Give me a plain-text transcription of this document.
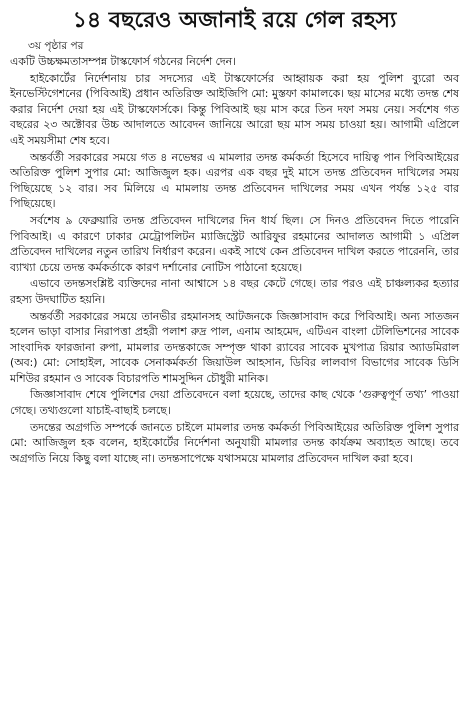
১৪ বছরেও অজানাই রয়ে গেল রহস্য
৩য় পৃষ্ঠার পর

একটি উচ্চক্ষমতাসম্পন্ন টাস্কফোর্স গঠনের নির্দেশ দেন।

হাইকোর্টের নির্দেশনায় চার সদস্যের এই টাস্কফোর্সের আহ্বায়ক করা হয় পুলিশ ব্যুরো অব ইনভেস্টিগেশনের (পিবিআই) প্রধান অতিরিক্ত আইজিপি মো: মুস্তফা কামালকে। ছয় মাসের মধ্যে তদন্ত শেষ করার নির্দেশ দেয়া হয় এই টাস্কফোর্সকে। কিন্তু পিবিআই ছয় মাস করে তিন দফা সময় নেয়। সর্বশেষ গত বছরের ২৩ অক্টোবর উচ্চ আদালতে আবেদন জানিয়ে আরো ছয় মাস সময় চাওয়া হয়। আগামী এপ্রিলে এই সময়সীমা শেষ হবে।

অন্তর্বর্তী সরকারের সময়ে গত ৪ নভেম্বর এ মামলার তদন্ত কর্মকর্তা হিসেবে দায়িত্ব পান পিবিআইয়ের অতিরিক্ত পুলিশ সুপার মো: আজিজুল হক। এরপর এক বছর দুই মাসে তদন্ত প্রতিবেদন দাখিলের সময় পিছিয়েছে ১২ বার। সব মিলিয়ে এ মামলায় তদন্ত প্রতিবেদন দাখিলের সময় এখন পর্যন্ত ১২৫ বার পিছিয়েছে।

সর্বশেষ ৯ ফেব্রুয়ারি তদন্ত প্রতিবেদন দাখিলের দিন ধার্য ছিল। সে দিনও প্রতিবেদন দিতে পারেনি পিবিআই। এ কারণে ঢাকার মেট্রোপলিটন ম্যাজিস্ট্রেট আরিফুর রহমানের আদালত আগামী ১ এপ্রিল প্রতিবেদন দাখিলের নতুন তারিখ নির্ধারণ করেন। একই সাথে কেন প্রতিবেদন দাখিল করতে পারেননি, তার ব্যাখ্যা চেয়ে তদন্ত কর্মকর্তাকে কারণ দর্শানোর নোটিস পাঠানো হয়েছে।

এভাবে তদন্তসংশ্লিষ্ট ব্যক্তিদের নানা আশ্বাসে ১৪ বছর কেটে গেছে। তার পরও এই চাঞ্চল্যকর হত্যার রহস্য উদঘাটিত হয়নি।

অন্তর্বর্তী সরকারের সময়ে তানভীর রহমানসহ আটজনকে জিজ্ঞাসাবাদ করে পিবিআই। অন্য সাতজন হলেন ভাড়া বাসার নিরাপত্তা প্রহরী পলাশ রুদ্র পাল, এনাম আহমেদ, এটিএন বাংলা টেলিভিশনের সাবেক সাংবাদিক ফারজানা রুপা, মামলার তদন্তকাজে সম্পৃক্ত থাকা র‍্যাবের সাবেক মুখপাত্র রিয়ার অ্যাডমিরাল (অব:) মো: সোহাইল, সাবেক সেনাকর্মকর্তা জিয়াউল আহসান, ডিবির লালবাগ বিভাগের সাবেক ডিসি মশিউর রহমান ও সাবেক বিচারপতি শামসুদ্দিন চৌধুরী মানিক।

জিজ্ঞাসাবাদ শেষে পুলিশের দেয়া প্রতিবেদনে বলা হয়েছে, তাদের কাছ থেকে ‘গুরুত্বপূর্ণ তথ্য’ পাওয়া গেছে। তথ্যগুলো যাচাই-বাছাই চলছে।

তদন্তের অগ্রগতি সম্পর্কে জানতে চাইলে মামলার তদন্ত কর্মকর্তা পিবিআইয়ের অতিরিক্ত পুলিশ সুপার মো: আজিজুল হক বলেন, হাইকোর্টের নির্দেশনা অনুযায়ী মামলার তদন্ত কার্যক্রম অব্যাহত আছে। তবে অগ্রগতি নিয়ে কিছু বলা যাচ্ছে না। তদন্তসাপেক্ষে যথাসময়ে মামলার প্রতিবেদন দাখিল করা হবে।
